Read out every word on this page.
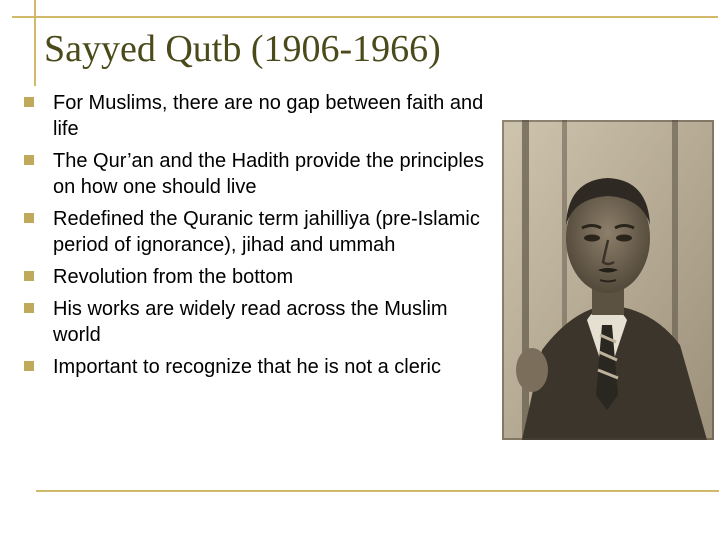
Sayyed Qutb (1906-1966)
For Muslims, there are no gap between faith and life
The Qur’an and the Hadith provide the principles on how one should live
Redefined the Quranic term jahilliya (pre-Islamic period of ignorance), jihad and ummah
Revolution from the bottom
His works are widely read across the Muslim world
Important to recognize that he is not a cleric
